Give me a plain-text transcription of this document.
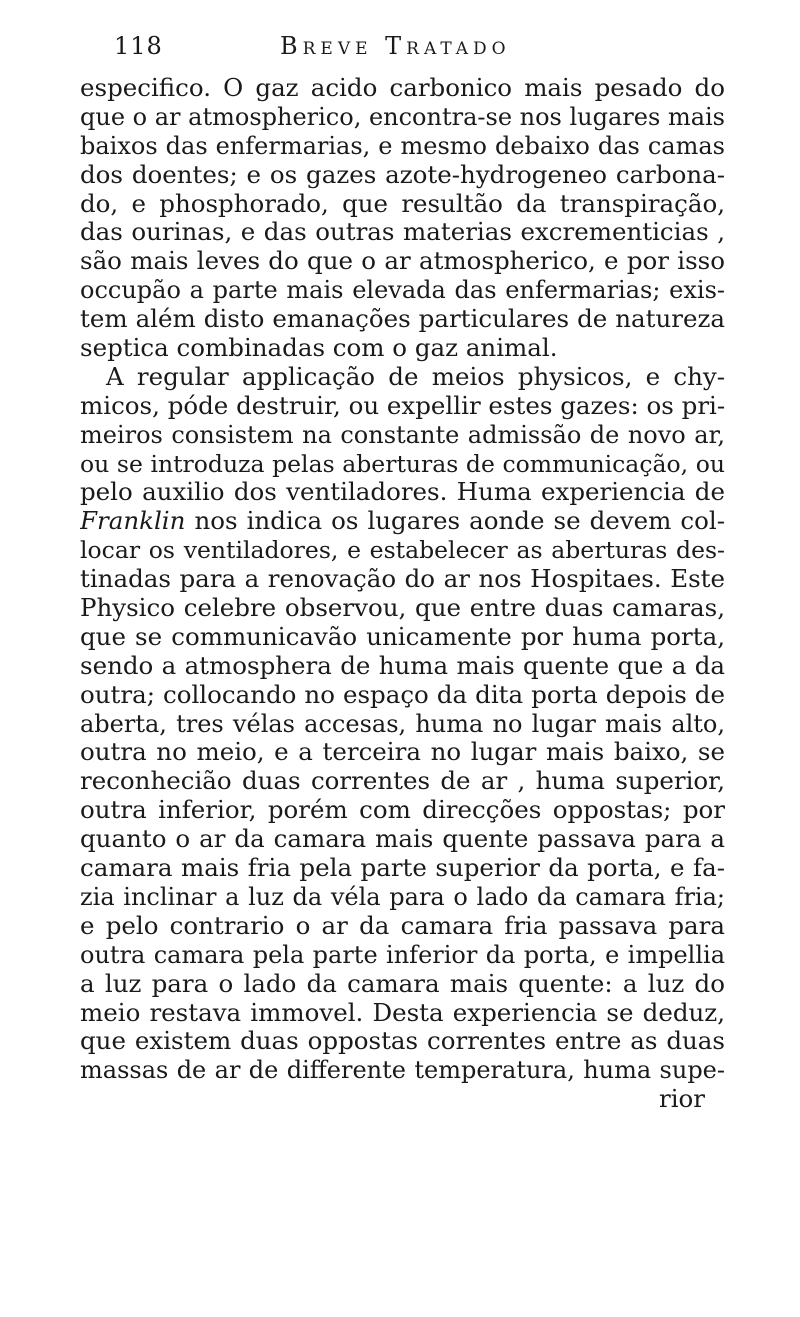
118	Breve Tratado
especifico. O gaz acido carbonico mais pesado do
que o ar atmospherico, encontra-se nos lugares mais
baixos das enfermarias, e mesmo debaixo das camas
dos doentes; e os gazes azote-hydrogeneo carbona-
do, e phosphorado, que resultão da transpiração,
das ourinas, e das outras materias excrementicias ,
são mais leves do que o ar atmospherico, e por isso
occupão a parte mais elevada das enfermarias; exis-
tem além disto emanações particulares de natureza
septica combinadas com o gaz animal.
A regular applicação de meios physicos, e chy-
micos, póde destruir, ou expellir estes gazes: os pri-
meiros consistem na constante admissão de novo ar,
ou se introduza pelas aberturas de communicação, ou
pelo auxilio dos ventiladores. Huma experiencia de
Franklin nos indica os lugares aonde se devem col-
locar os ventiladores, e estabelecer as aberturas des-
tinadas para a renovação do ar nos Hospitaes. Este
Physico celebre observou, que entre duas camaras,
que se communicavão unicamente por huma porta,
sendo a atmosphera de huma mais quente que a da
outra; collocando no espaço da dita porta depois de
aberta, tres vélas accesas, huma no lugar mais alto,
outra no meio, e a terceira no lugar mais baixo, se
reconhecião duas correntes de ar , huma superior,
outra inferior, porém com direcções oppostas; por
quanto o ar da camara mais quente passava para a
camara mais fria pela parte superior da porta, e fa-
zia inclinar a luz da véla para o lado da camara fria;
e pelo contrario o ar da camara fria passava para
outra camara pela parte inferior da porta, e impellia
a luz para o lado da camara mais quente: a luz do
meio restava immovel. Desta experiencia se deduz,
que existem duas oppostas correntes entre as duas
massas de ar de differente temperatura, huma supe-
rior
